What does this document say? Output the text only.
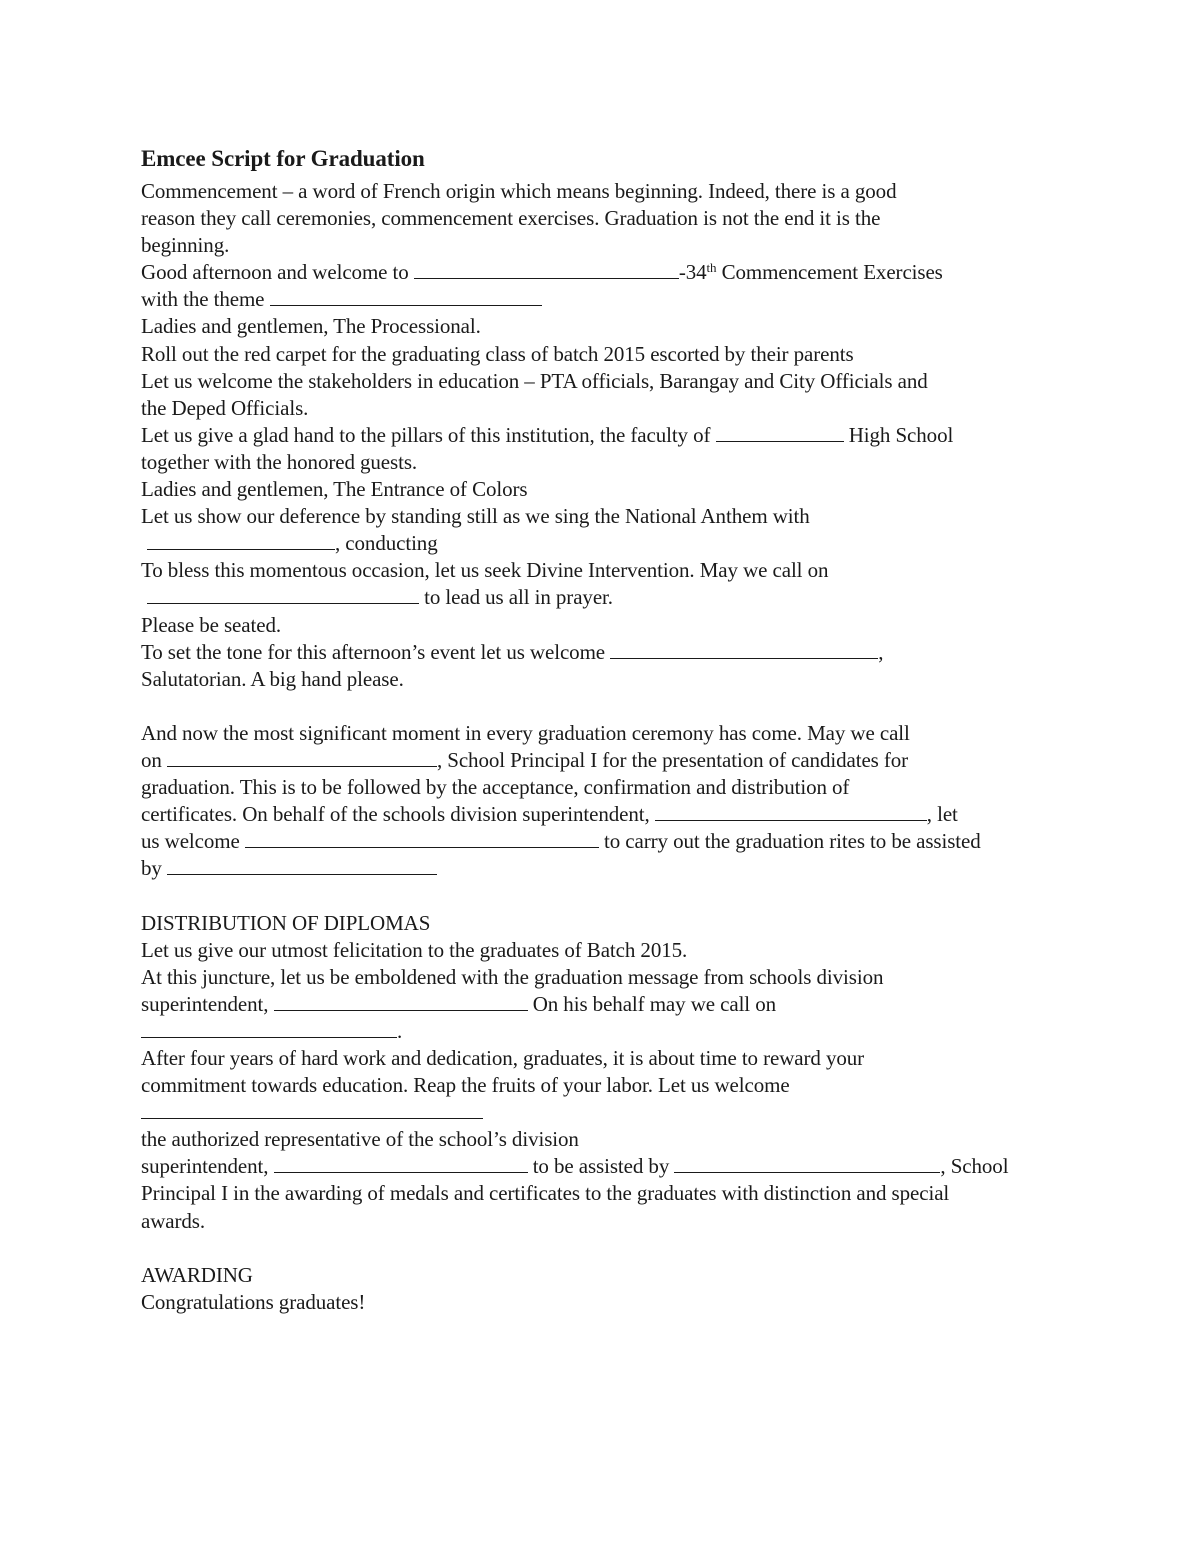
Emcee Script for Graduation
Commencement – a word of French origin which means beginning. Indeed, there is a good
reason they call ceremonies, commencement exercises. Graduation is not the end it is the
beginning.
Good afternoon and welcome to	-34th Commencement Exercises
with the theme
Ladies and gentlemen, The Processional.
Roll out the red carpet for the graduating class of batch 2015 escorted by their parents
Let us welcome the stakeholders in education – PTA officials, Barangay and City Officials and
the Deped Officials.
Let us give a glad hand to the pillars of this institution, the faculty of	High School
together with the honored guests.
Ladies and gentlemen, The Entrance of Colors
Let us show our deference by standing still as we sing the National Anthem with
, conducting
To bless this momentous occasion, let us seek Divine Intervention. May we call on
to lead us all in prayer.
Please be seated.
To set the tone for this afternoon’s event let us welcome	,
Salutatorian. A big hand please.
And now the most significant moment in every graduation ceremony has come. May we call
on	, School Principal I for the presentation of candidates for
graduation. This is to be followed by the acceptance, confirmation and distribution of
certificates. On behalf of the schools division superintendent,	, let
us welcome	to carry out the graduation rites to be assisted
by
DISTRIBUTION OF DIPLOMAS
Let us give our utmost felicitation to the graduates of Batch 2015.
At this juncture, let us be emboldened with the graduation message from schools division
superintendent,	On his behalf may we call on
.
After four years of hard work and dedication, graduates, it is about time to reward your
commitment towards education. Reap the fruits of your labor. Let us welcome
the authorized representative of the school’s division
superintendent,	to be assisted by	, School
Principal I in the awarding of medals and certificates to the graduates with distinction and special
awards.
AWARDING
Congratulations graduates!
